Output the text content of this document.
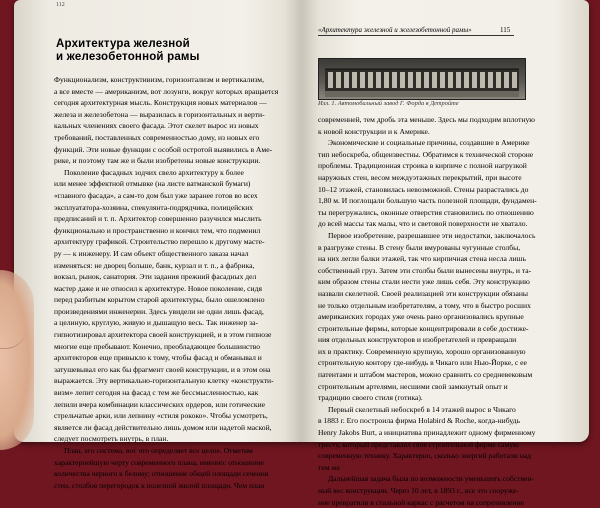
112
Архитектура железной
и железобетонной рамы
Функционализм, конструктивизм, горизонтализм и вертикализм,
а все вместе — американизм, вот лозунги, вокруг которых вращается
сегодня архитектурная мысль. Конструкция новых материалов —
железа и железобетона — выразилась в горизонтальных и верти-
кальных членениях своего фасада. Этот скелет вырос из новых
требований, поставленных современностью дому, из новых его
функций. Эти новые функции с особой остротой выявились в Аме-
рике, и поэтому там же и были изобретены новые конструкции.
Поколение фасадных зодчих свело архитектуру к более
или менее эффектной отмывке (на листе ватманской бумаги)
«главного фасада», а сам-то дом был уже заранее готов во всех
эксплуататора-хозяина, спекулянта-подрядчика, полицейских
предписаний и т. п. Архитектор совершенно разучился мыслить
функционально и пространственно и кончил тем, что подменил
архитектуру графикой. Строительство перешло к другому масте-
ру — к инженеру. И сам объект общественного заказа начал
изменяться: не дворец больше, банк, курзал и т. п., а фабрика,
вокзал, рынок, санатория. Эти задания прежний фасадных дел
мастер даже и не относил к архитектуре. Новое поколение, сидя
перед разбитым корытом старой архитектуры, было ошеломлено
произведениями инженерии. Здесь увидели не одни лишь фасад,
а целиную, круглую, живую и дышащую весь. Так инженер за-
гипнотизировал архитектора своей конструкцией, и в этом гипнозе
многие еще пребывают. Конечно, преобладающее большинство
архитекторов еще привыкло к тому, чтобы фасад и обманывал и
затушевывал его как бы фрагмент своей конструкции, и в этом она
выражается. Эту вертикально-горизонтальную клетку «конструкти-
визм» лепит сегодня на фасад с тем же бессмысленностью, как
лепили вчера комбинации классических ордеров, или готические
стрельчатые арки, или лепнину «стиля рококо». Чтобы усмотреть,
является ли фасад действительно лишь домом или надетой маской,
следует посмотреть внутрь, в план.
План, его система, вот что определяет все целое. Отметим
характернейшую черту современного плана, именно: отношение
количества черного к белому; отношение общей площади сечения
стен, столбов перегородок к полезной жилой площади. Чем план
«Архитектура железной и железобетонной рамы»	115
Илл. 1. Автомобильный завод Г. Форда в Детройте
современней, тем дробь эта меньше. Здесь мы подходим вплотную
к новой конструкции и к Америке.
Экономические и социальные причины, создавшие в Америке
тип небоскреба, общеизвестны. Обратимся к технической стороне
проблемы. Традиционная строика в кирпиче с полной нагрузкой
наружных стен, весом междуэтажных перекрытий, при высоте
10–12 этажей, становилась невозможной. Стены разрастались до
1,80 м. И поглощали большую часть полезной площади, фундамен-
ты перегружались, оконные отверстия становились по отношению
до всей массы так малы, что и световой поверхности не хватало.
Первое изобретение, разрешавшее эти недостатки, заключалось
в разгрузке стены. В стену были вмурованы чугунные столбы,
на них легли балки этажей, так что кирпичная стена несла лишь
собственный груз. Затем эти столбы были вынесены внутрь, и та-
ким образом стены стали нести уже лишь себя. Эту конструкцию
назвали скелетной. Своей реализацией эти конструкции обязаны
не только отдельным изобретателям, а тому, что в быстро росших
американских городах уже очень рано организовались крупные
строительные фирмы, которые концентрировали в себе достиже-
ния отдельных конструкторов и изобретателей и превращали
их в практику. Современную крупную, хорошо организованную
строительную контору где-нибудь в Чикаго или Нью-Йорке, с ее
патентами и штабом мастеров, можно сравнить со средневековым
строительным артелями, несшими свой замкнутый опыт и
традицию своего стиля (готика).
Первый скелетный небоскреб в 14 этажей вырос в Чикаго
в 1883 г. Его построила фирма Holabird & Roche, когда-нибудь
Henry Jakobs Burt, а инициатива принадлежит одному фирменному
тресту, который представлял свое строительной фирме самую
современную технику. Характерно, сколько энергий работали над
тем же
Дальнейшая задача была по возможности уменьшить собствен-
ный вес конструкции. Через 10 лет, в 1893 г., все это сооруже-
ние превратили в стальной каркас с расчетом на сопротивление
